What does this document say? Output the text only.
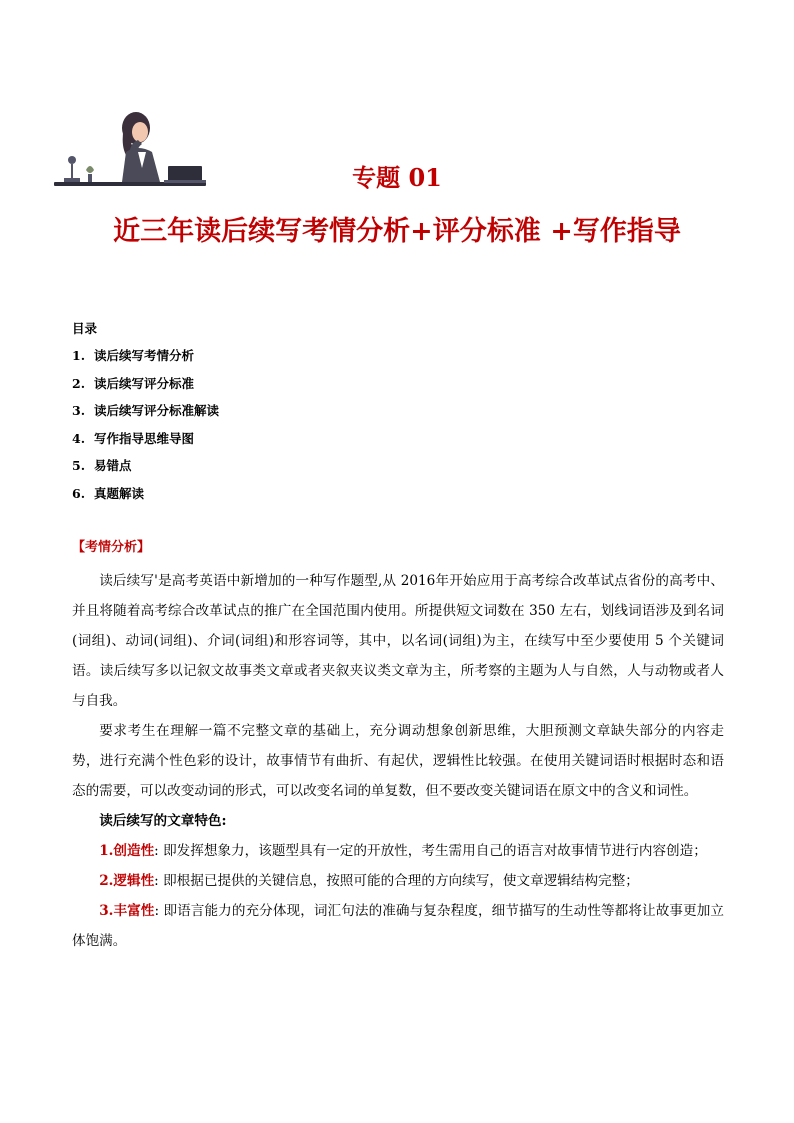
专题 01
近三年读后续写考情分析+评分标准 +写作指导
目录
1. 读后续写考情分析
2. 读后续写评分标准
3. 读后续写评分标准解读
4. 写作指导思维导图
5. 易错点
6. 真题解读
【考情分析】

读后续写'是高考英语中新增加的一种写作题型,从 2016年开始应用于高考综合改革试点省份的高考中、并且将随着高考综合改革试点的推广在全国范围内使用。所提供短文词数在 350 左右，划线词语涉及到名词(词组)、动词(词组)、介词(词组)和形容词等，其中，以名词(词组)为主，在续写中至少要使用 5 个关键词语。读后续写多以记叙文故事类文章或者夹叙夹议类文章为主，所考察的主题为人与自然，人与动物或者人与自我。

要求考生在理解一篇不完整文章的基础上，充分调动想象创新思维，大胆预测文章缺失部分的内容走势，进行充满个性色彩的设计，故事情节有曲折、有起伏，逻辑性比较强。在使用关键词语时根据时态和语态的需要，可以改变动词的形式，可以改变名词的单复数，但不要改变关键词语在原文中的含义和词性。

读后续写的文章特色:

1.创造性: 即发挥想象力，该题型具有一定的开放性，考生需用自己的语言对故事情节进行内容创造；

2.逻辑性: 即根据已提供的关键信息，按照可能的合理的方向续写，使文章逻辑结构完整；

3.丰富性: 即语言能力的充分体现，词汇句法的准确与复杂程度，细节描写的生动性等都将让故事更加立体饱满。
